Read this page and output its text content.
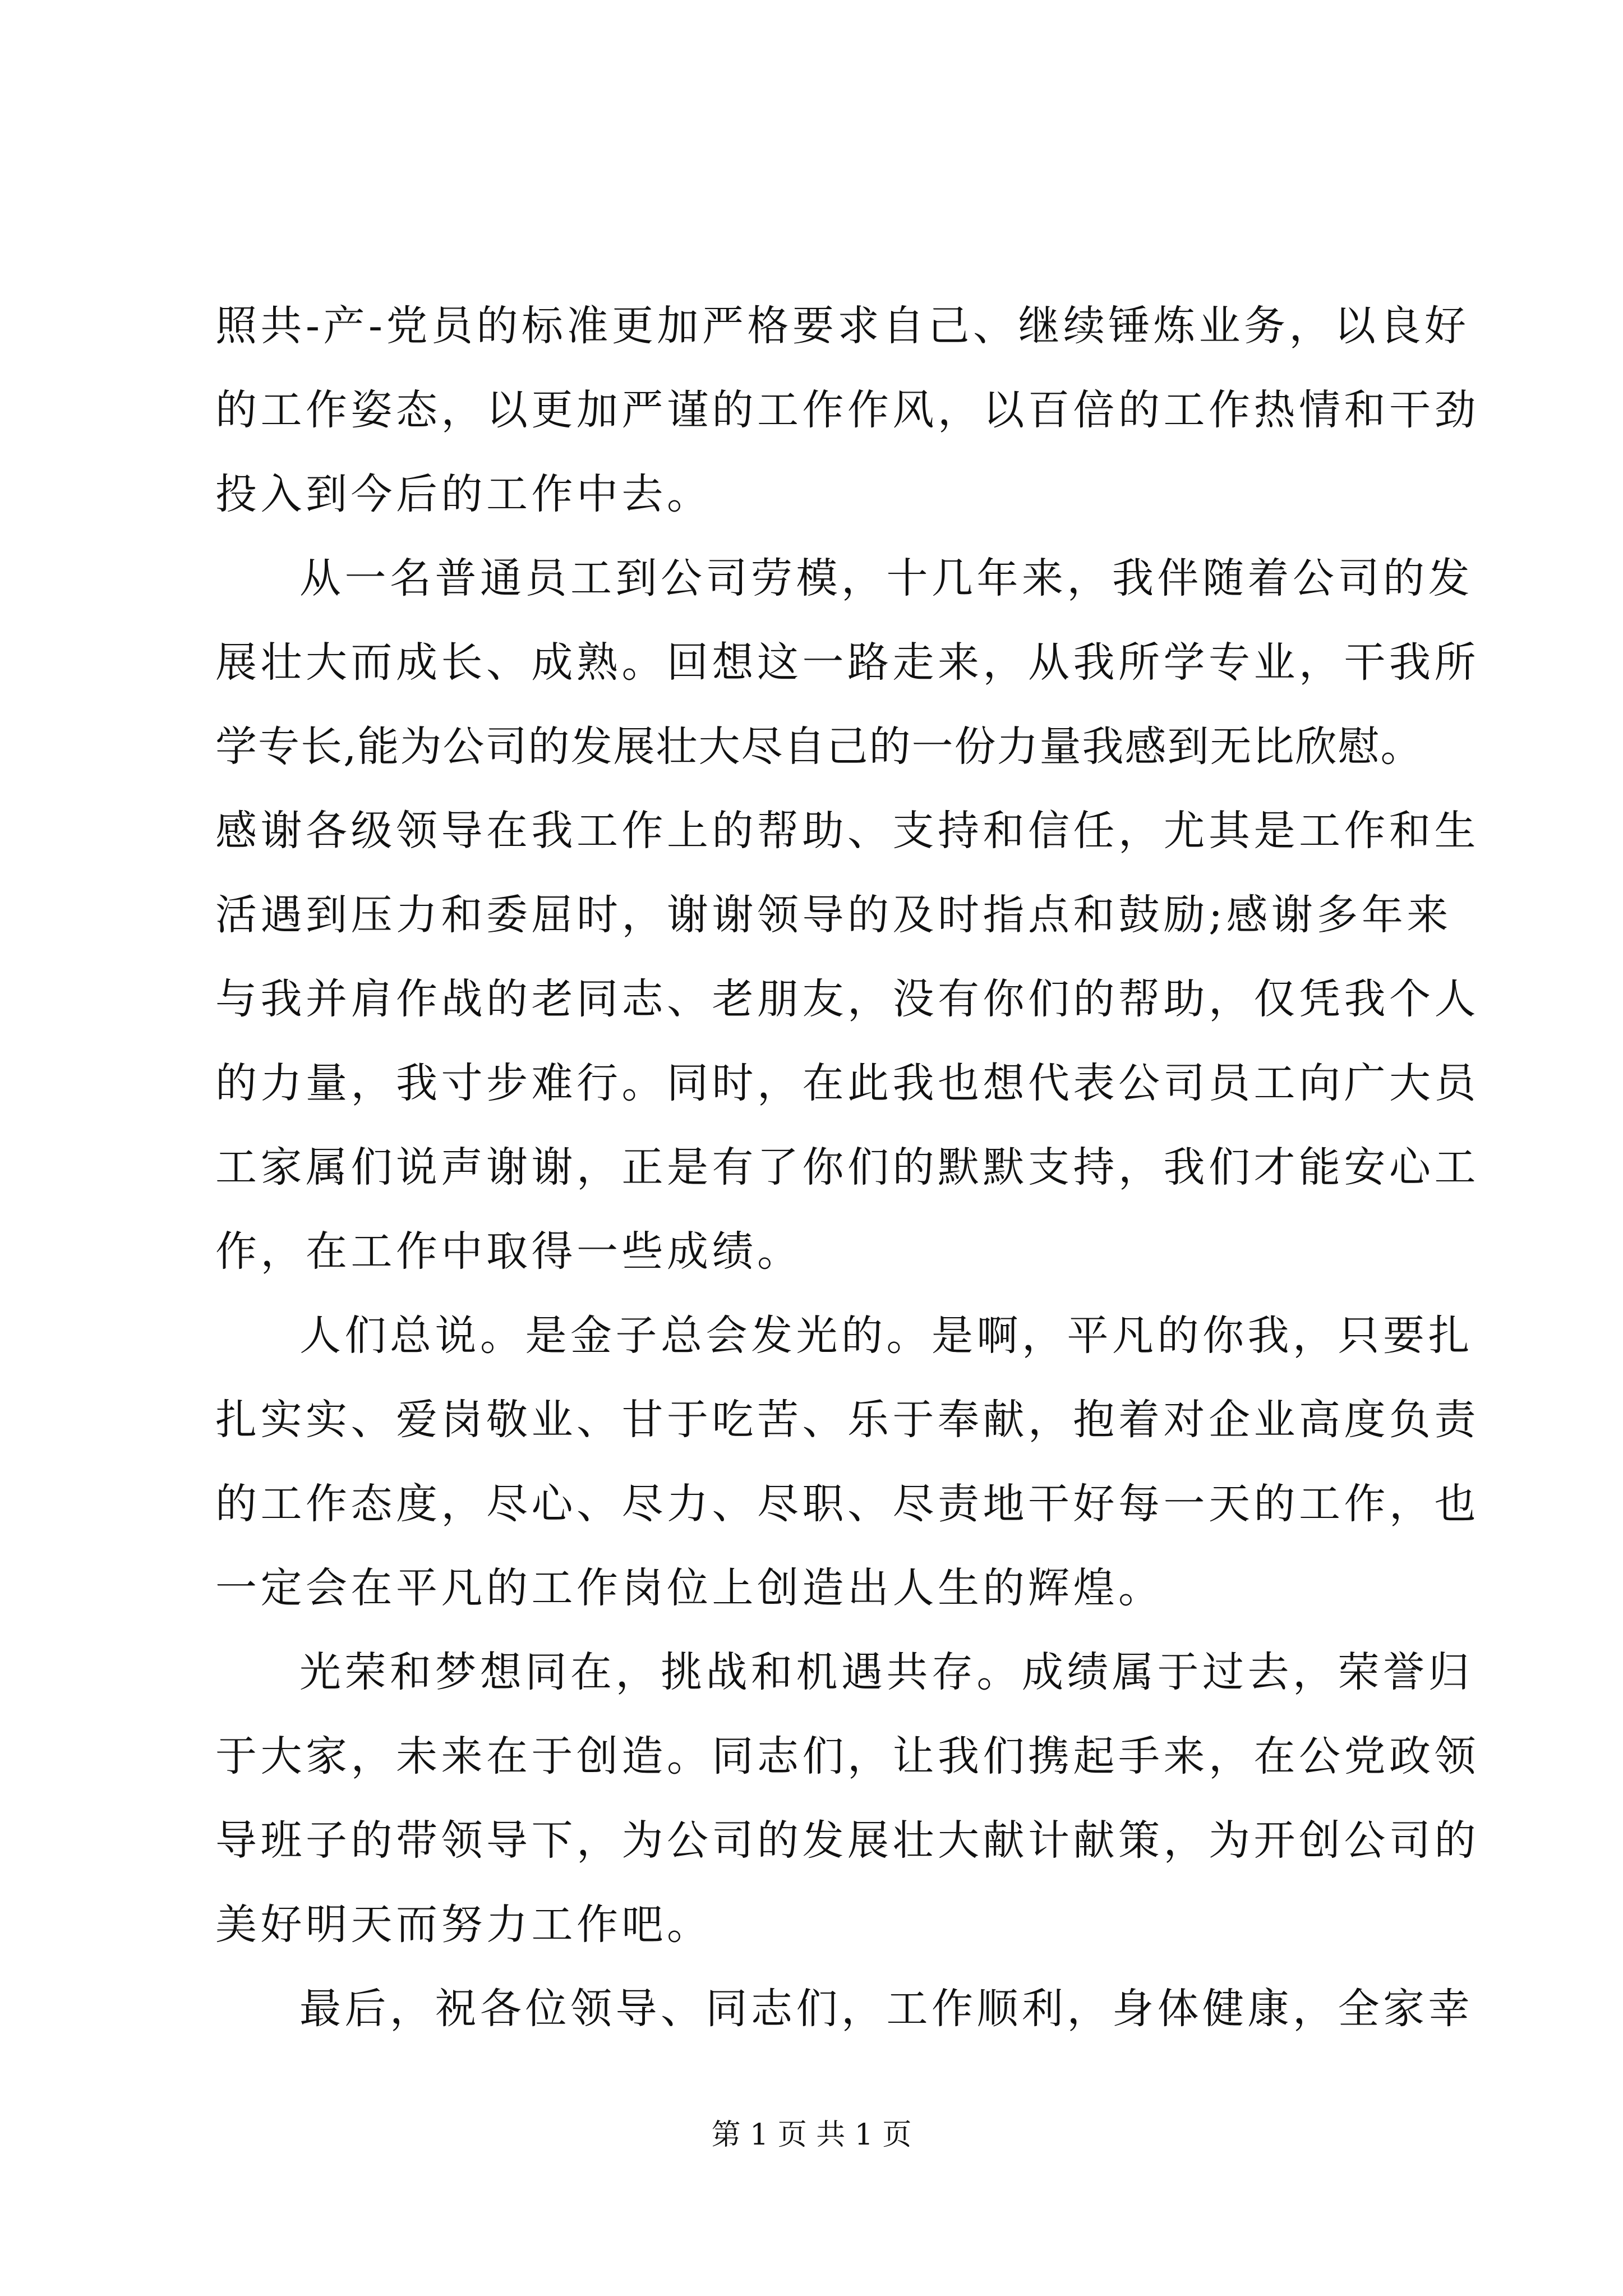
照共-产-党员的标准更加严格要求自己、继续锤炼业务，以良好
的工作姿态，以更加严谨的工作作风，以百倍的工作热情和干劲
投入到今后的工作中去。
从一名普通员工到公司劳模，十几年来，我伴随着公司的发
展壮大而成长、成熟。回想这一路走来，从我所学专业，干我所
学专长,能为公司的发展壮大尽自己的一份力量我感到无比欣慰。
感谢各级领导在我工作上的帮助、支持和信任，尤其是工作和生
活遇到压力和委屈时，谢谢领导的及时指点和鼓励;感谢多年来
与我并肩作战的老同志、老朋友，没有你们的帮助，仅凭我个人
的力量，我寸步难行。同时，在此我也想代表公司员工向广大员
工家属们说声谢谢，正是有了你们的默默支持，我们才能安心工
作，在工作中取得一些成绩。
人们总说。是金子总会发光的。是啊，平凡的你我，只要扎
扎实实、爱岗敬业、甘于吃苦、乐于奉献，抱着对企业高度负责
的工作态度，尽心、尽力、尽职、尽责地干好每一天的工作，也
一定会在平凡的工作岗位上创造出人生的辉煌。
光荣和梦想同在，挑战和机遇共存。成绩属于过去，荣誉归
于大家，未来在于创造。同志们，让我们携起手来，在公党政领
导班子的带领导下，为公司的发展壮大献计献策，为开创公司的
美好明天而努力工作吧。
最后，祝各位领导、同志们，工作顺利，身体健康，全家幸
第 1 页 共 1 页
